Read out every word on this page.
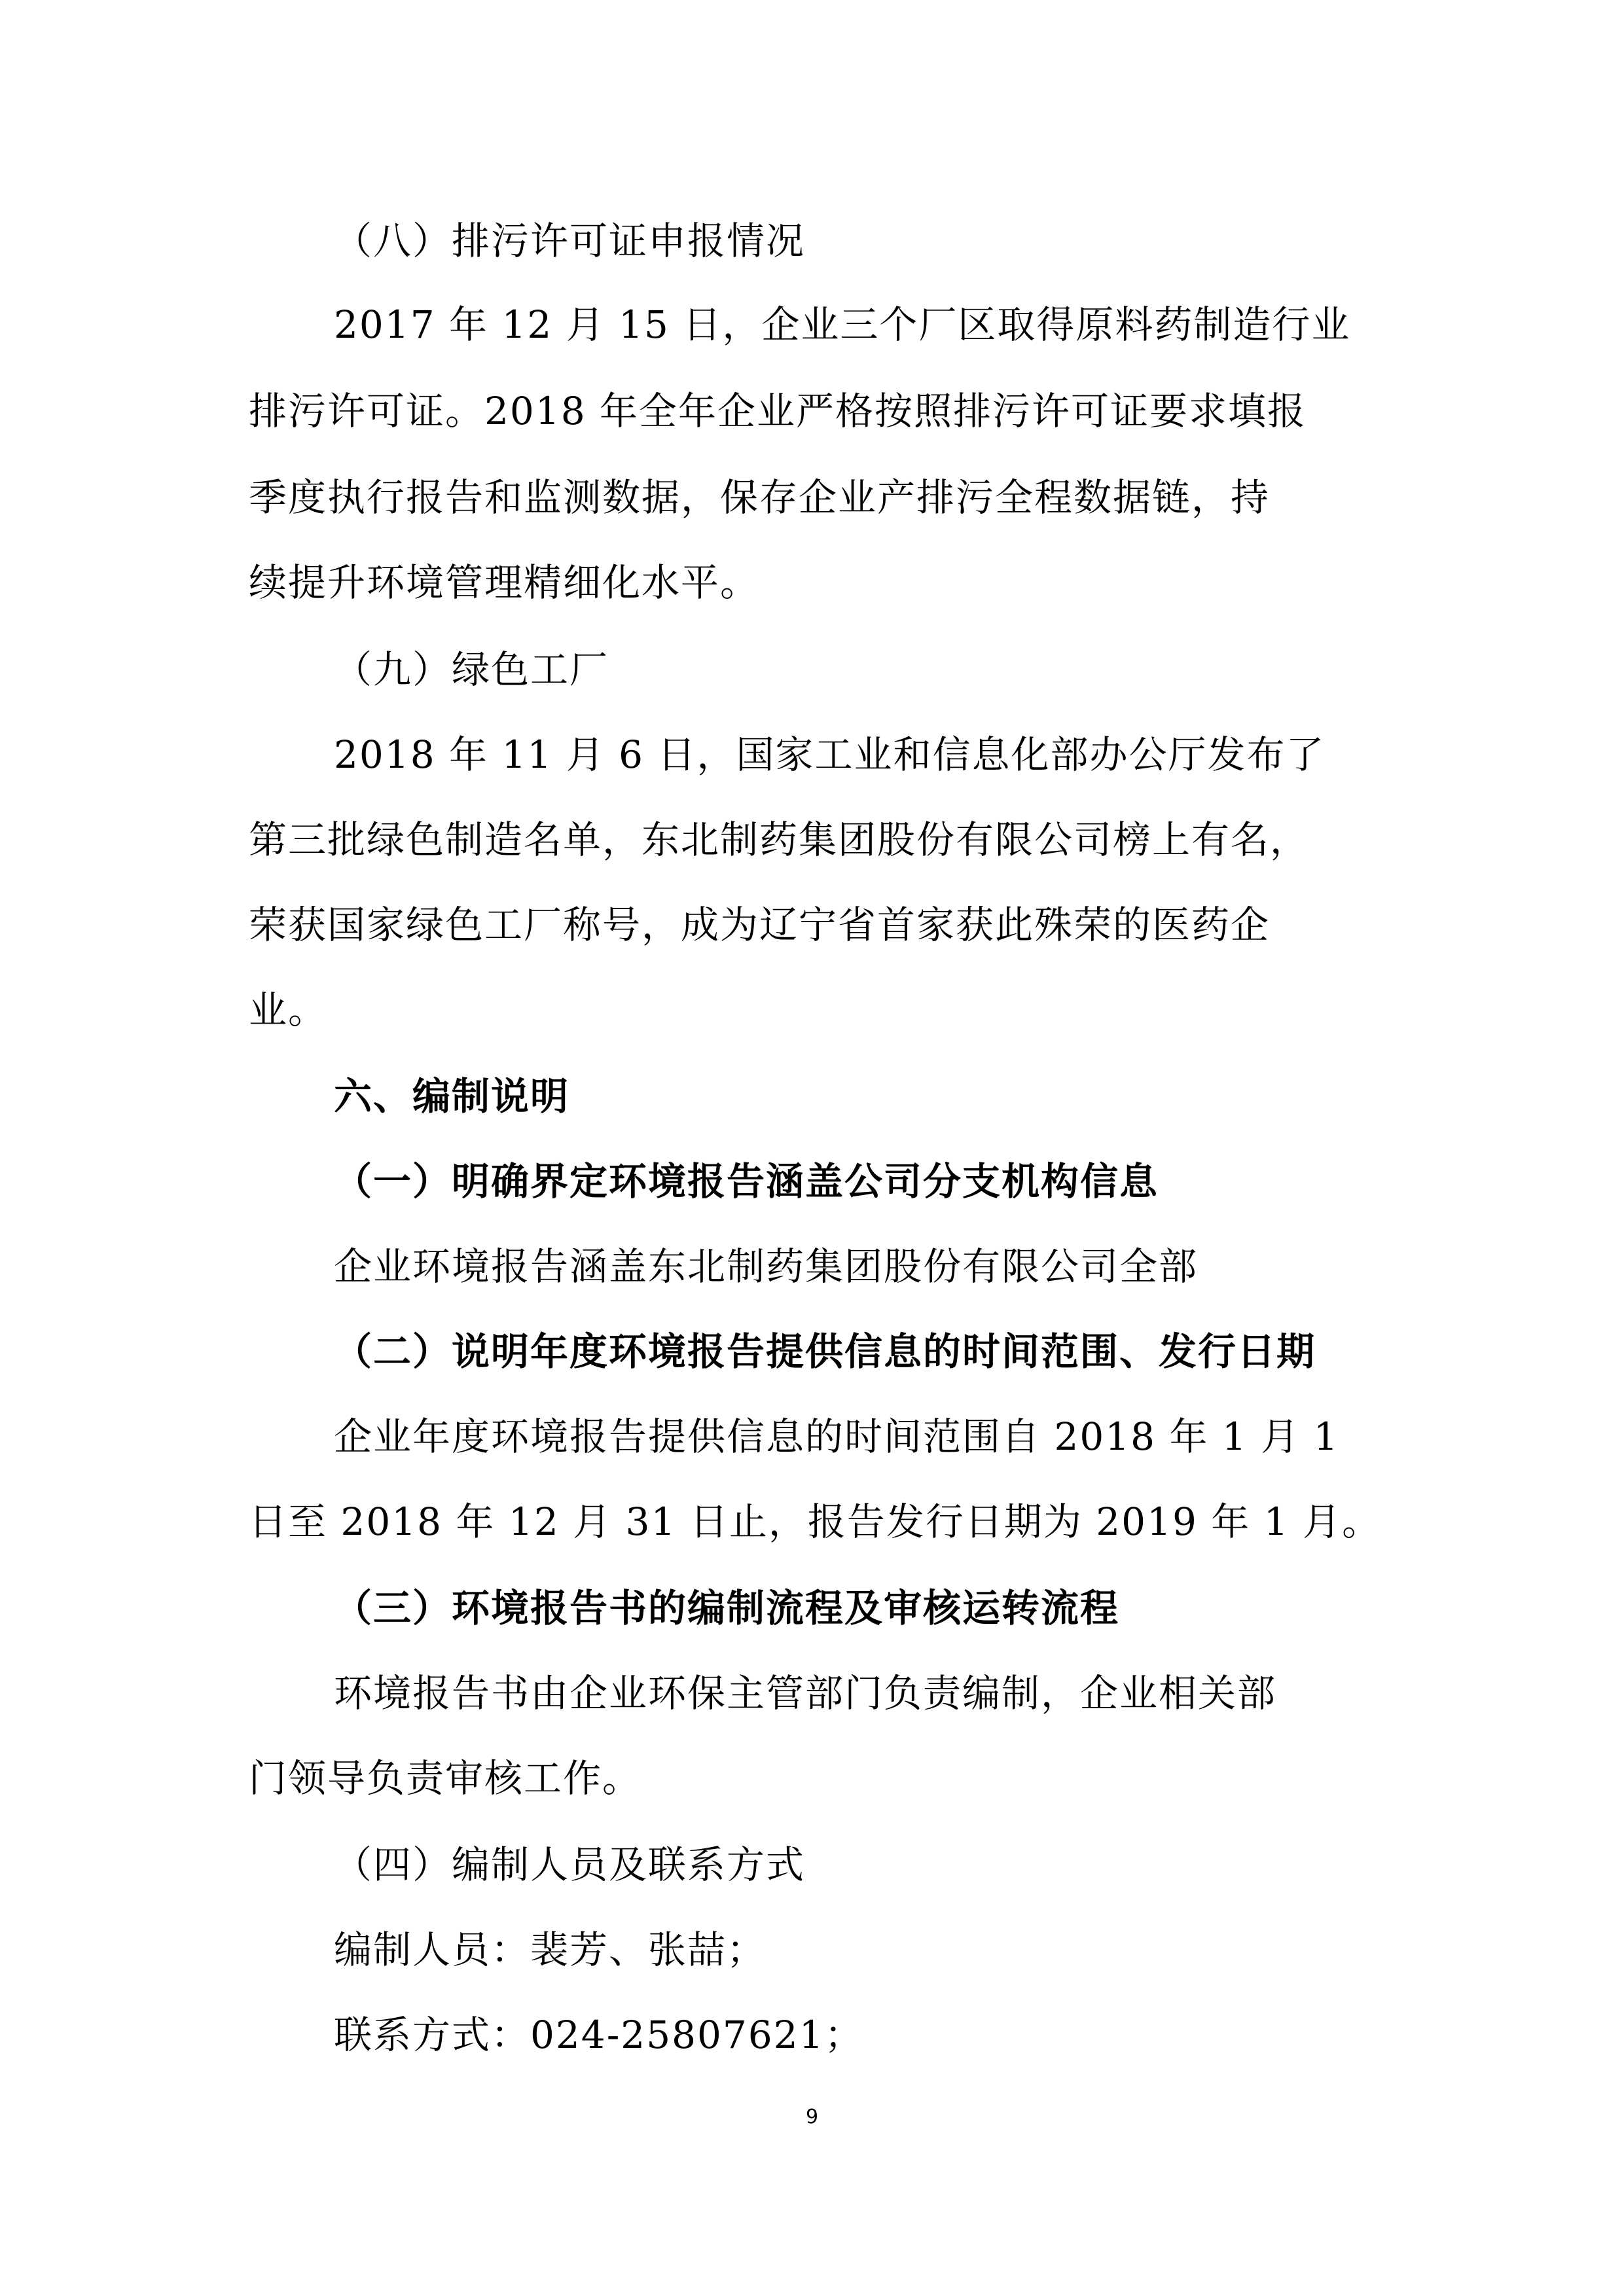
（八）排污许可证申报情况
2017 年 12 月 15 日，企业三个厂区取得原料药制造行业
排污许可证。2018 年全年企业严格按照排污许可证要求填报
季度执行报告和监测数据，保存企业产排污全程数据链，持
续提升环境管理精细化水平。
（九）绿色工厂
2018 年 11 月 6 日，国家工业和信息化部办公厅发布了
第三批绿色制造名单，东北制药集团股份有限公司榜上有名，
荣获国家绿色工厂称号，成为辽宁省首家获此殊荣的医药企
业。
六、编制说明
（一）明确界定环境报告涵盖公司分支机构信息
企业环境报告涵盖东北制药集团股份有限公司全部
（二）说明年度环境报告提供信息的时间范围、发行日期
企业年度环境报告提供信息的时间范围自 2018 年 1 月 1
日至 2018 年 12 月 31 日止，报告发行日期为 2019 年 1 月。
（三）环境报告书的编制流程及审核运转流程
环境报告书由企业环保主管部门负责编制，企业相关部
门领导负责审核工作。
（四）编制人员及联系方式
编制人员：裴芳、张喆；
联系方式：024-25807621；
9
